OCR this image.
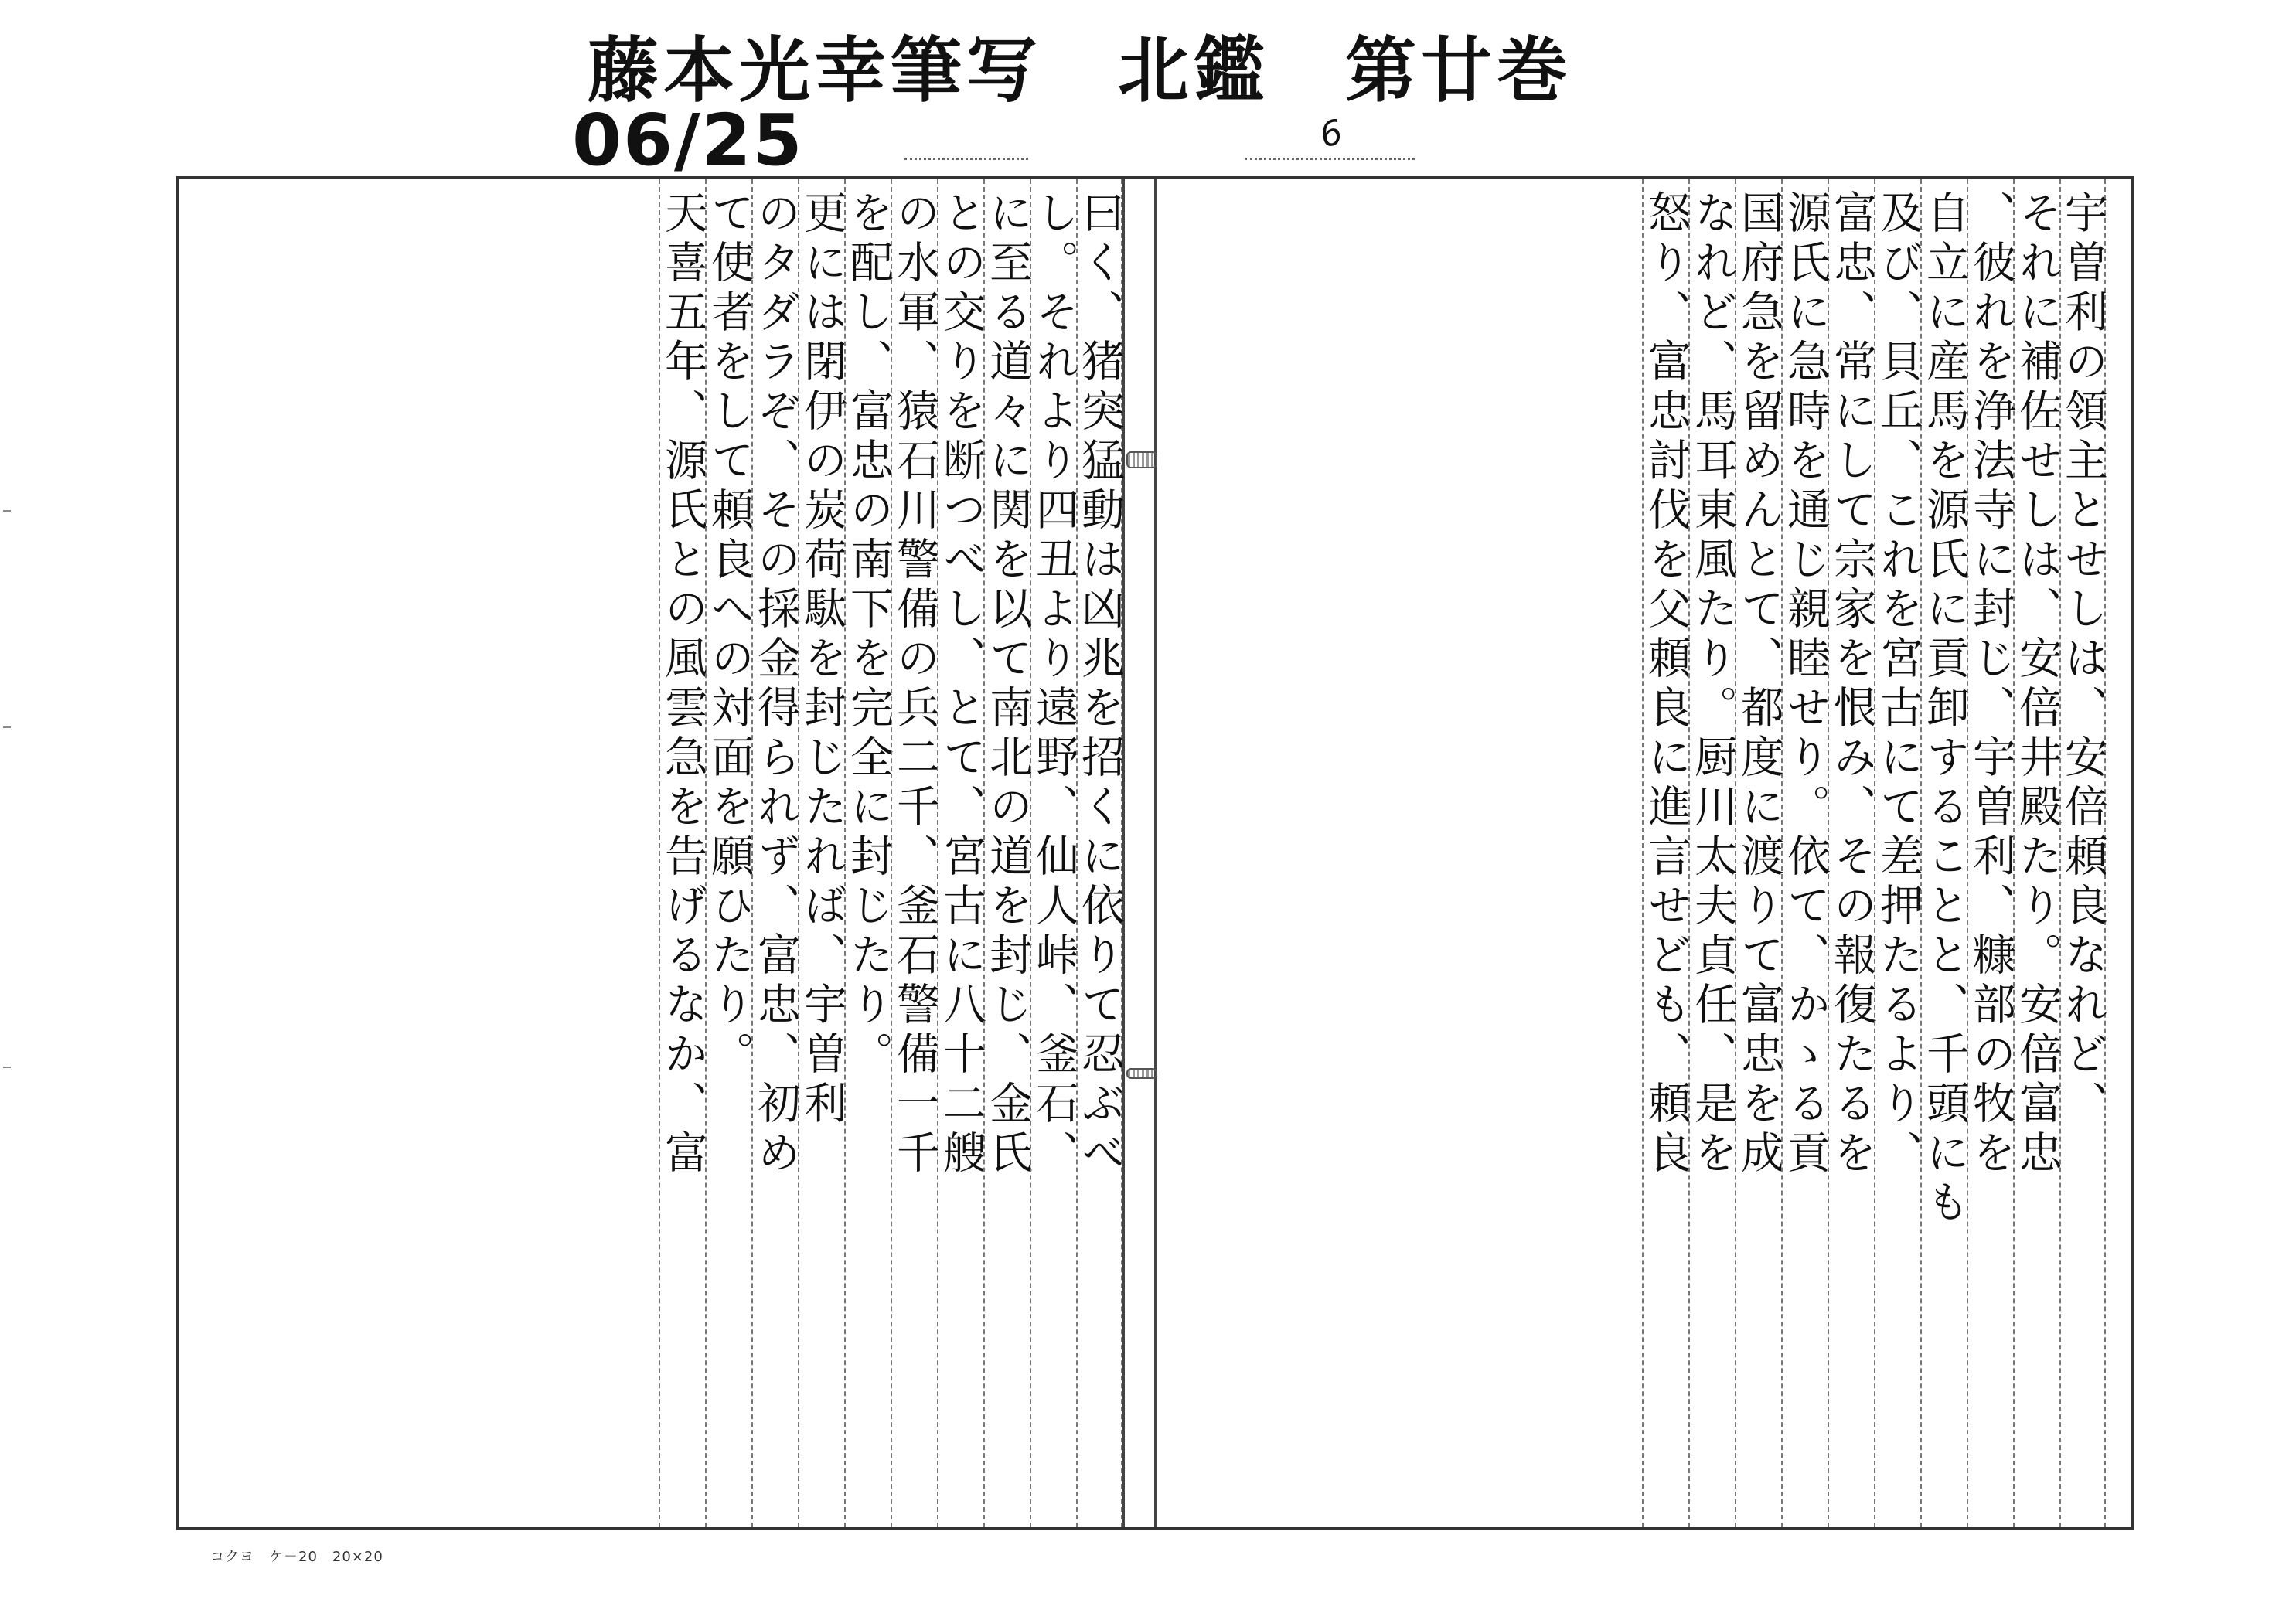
藤本光幸筆写　北鑑　第廿巻
06/25	6
宇曽利の領主とせしは、安倍頼良なれど、
それに補佐せしは、安倍井殿たり。安倍富忠
、彼れを浄法寺に封じ、宇曽利、糠部の牧を
自立に産馬を源氏に貢卸することと、千頭にも
及び、貝丘、これを宮古にて差押たるより、
富忠、常にして宗家を恨み、その報復たるを
源氏に急時を通じ親睦せり。依て、かゝる貢
国府急を留めんとて、都度に渡りて富忠を成
なれど、馬耳東風たり。厨川太夫貞任、是を
怒り、富忠討伐を父頼良に進言せども、頼良
曰く、猪突猛動は凶兆を招くに依りて忍ぶべ
し。それより四丑より遠野、仙人峠、釜石、
に至る道々に関を以て南北の道を封じ、金氏
との交りを断つべし、とて、宮古に八十二艘
の水軍、猿石川警備の兵二千、釜石警備一千
を配し、富忠の南下を完全に封じたり。
更には閉伊の炭荷駄を封じたれば、宇曽利
のタダラぞ、その採金得られず、富忠、初め
て使者をして頼良への対面を願ひたり。
天喜五年、源氏との風雲急を告げるなか、富
コクヨ　ケ－20　20×20
